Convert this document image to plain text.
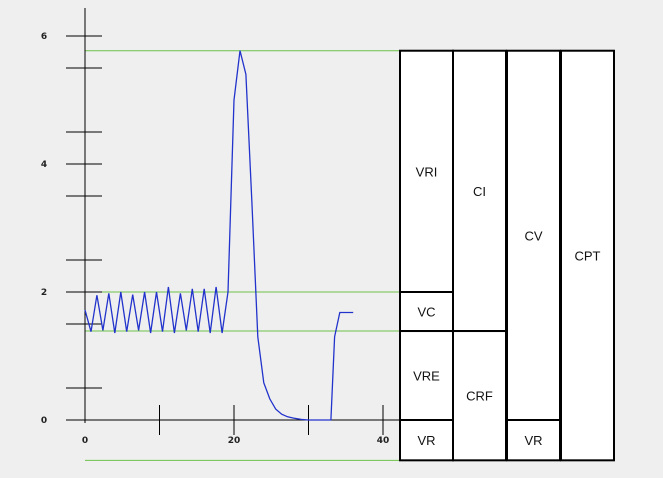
0
2
4
6
0	20	40
VRI
VC
VRE
VR
CI
CRF
CV
VR
CPT
